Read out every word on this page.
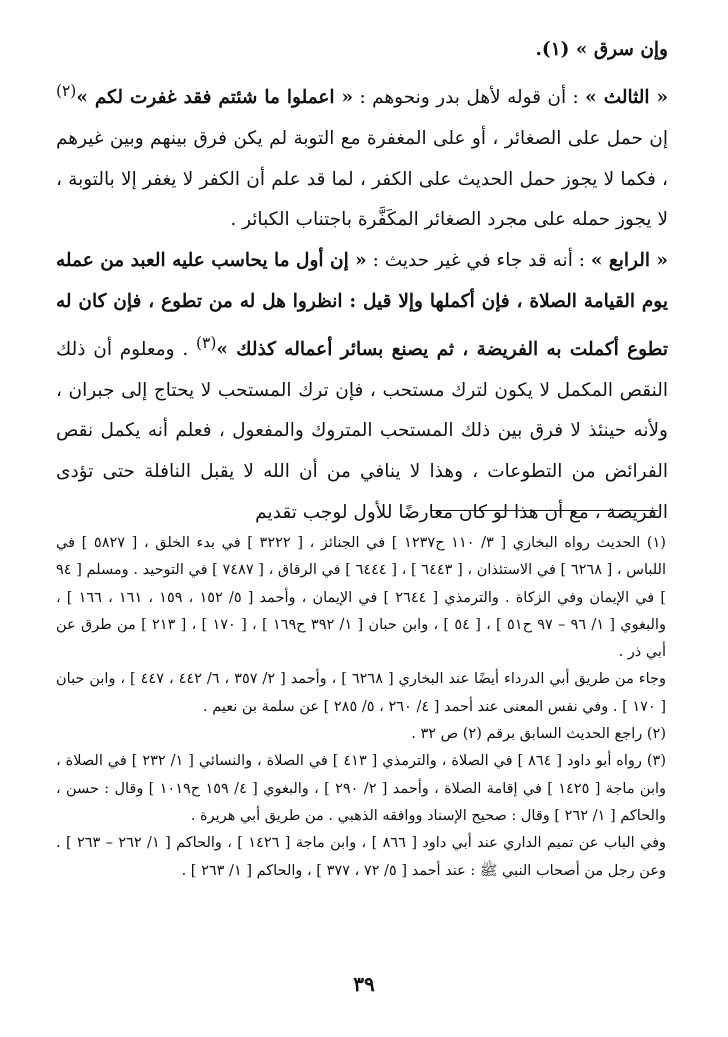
وإن سرق » (١).

« الثالث » : أن قوله لأهل بدر ونحوهم : « اعملوا ما شئتم فقد غفرت لكم »$^{(٢)}$ إن حمل على الصغائر ، أو على المغفرة مع التوبة لم يكن فرق بينهم وبين غيرهم ، فكما لا يجوز حمل الحديث على الكفر ، لما قد علم أن الكفر لا يغفر إلا بالتوبة ، لا يجوز حمله على مجرد الصغائر المكَفَّرة باجتناب الكبائر .

« الرابع » : أنه قد جاء في غير حديث : « إن أول ما يحاسب عليه العبد من عمله يوم القيامة الصلاة ، فإن أكملها وإلا قيل : انظروا هل له من تطوع ، فإن كان له تطوع أكملت به الفريضة ، ثم يصنع بسائر أعماله كذلك »$^{(٣)}$ . ومعلوم أن ذلك النقص المكمل لا يكون لترك مستحب ، فإن ترك المستحب لا يحتاج إلى جبران ، ولأنه حينئذ لا فرق بين ذلك المستحب المتروك والمفعول ، فعلم أنه يكمل نقص الفرائض من التطوعات ، وهذا لا ينافي من أن الله لا يقبل النافلة حتى تؤدى الفريضة ، مع أن هذا لو كان معارضًا للأول لوجب تقديم

(١) الحديث رواه البخاري [ ٣/ ١١٠ ح١٢٣٧ ] في الجنائز ، [ ٣٢٢٢ ] في بدء الخلق ، [ ٥٨٢٧ ] في اللباس ، [ ٦٢٦٨ ] في الاستئذان ، [ ٦٤٤٣ ] ، [ ٦٤٤٤ ] في الرقاق ، [ ٧٤٨٧ ] في التوحيد . ومسلم [ ٩٤ ] في الإيمان وفي الزكاة . والترمذي [ ٢٦٤٤ ] في الإيمان ، وأحمد [ ٥/ ١٥٢ ، ١٥٩ ، ١٦١ ، ١٦٦ ] ، والبغوي [ ١/ ٩٦ – ٩٧ ح٥١ ] ، [ ٥٤ ] ، وابن حبان [ ١/ ٣٩٢ ح١٦٩ ] ، [ ١٧٠ ] ، [ ٢١٣ ] من طرق عن أبي ذر .

وجاء من طريق أبي الدرداء أيضًا عند البخاري [ ٦٢٦٨ ] ، وأحمد [ ٢/ ٣٥٧ ، ٦/ ٤٤٢ ، ٤٤٧ ] ، وابن حبان [ ١٧٠ ] . وفي نفس المعنى عند أحمد [ ٤/ ٢٦٠ ، ٥/ ٢٨٥ ] عن سلمة بن نعيم .

(٢) راجع الحديث السابق برقم (٢) ص ٣٢ .

(٣) رواه أبو داود [ ٨٦٤ ] في الصلاة ، والترمذي [ ٤١٣ ] في الصلاة ، والنسائي [ ١/ ٢٣٢ ] في الصلاة ، وابن ماجة [ ١٤٢٥ ] في إقامة الصلاة ، وأحمد [ ٢/ ٢٩٠ ] ، والبغوي [ ٤/ ١٥٩ ح١٠١٩ ] وقال : حسن ، والحاكم [ ١/ ٢٦٢ ] وقال : صحيح الإسناد ووافقه الذهبي . من طريق أبي هريرة .

وفي الباب عن تميم الداري عند أبي داود [ ٨٦٦ ] ، وابن ماجة [ ١٤٢٦ ] ، والحاكم [ ١/ ٢٦٢ – ٢٦٣ ] . وعن رجل من أصحاب النبي ﷺ : عند أحمد [ ٥/ ٧٢ ، ٣٧٧ ] ، والحاكم [ ١/ ٢٦٣ ] .

٣٩
